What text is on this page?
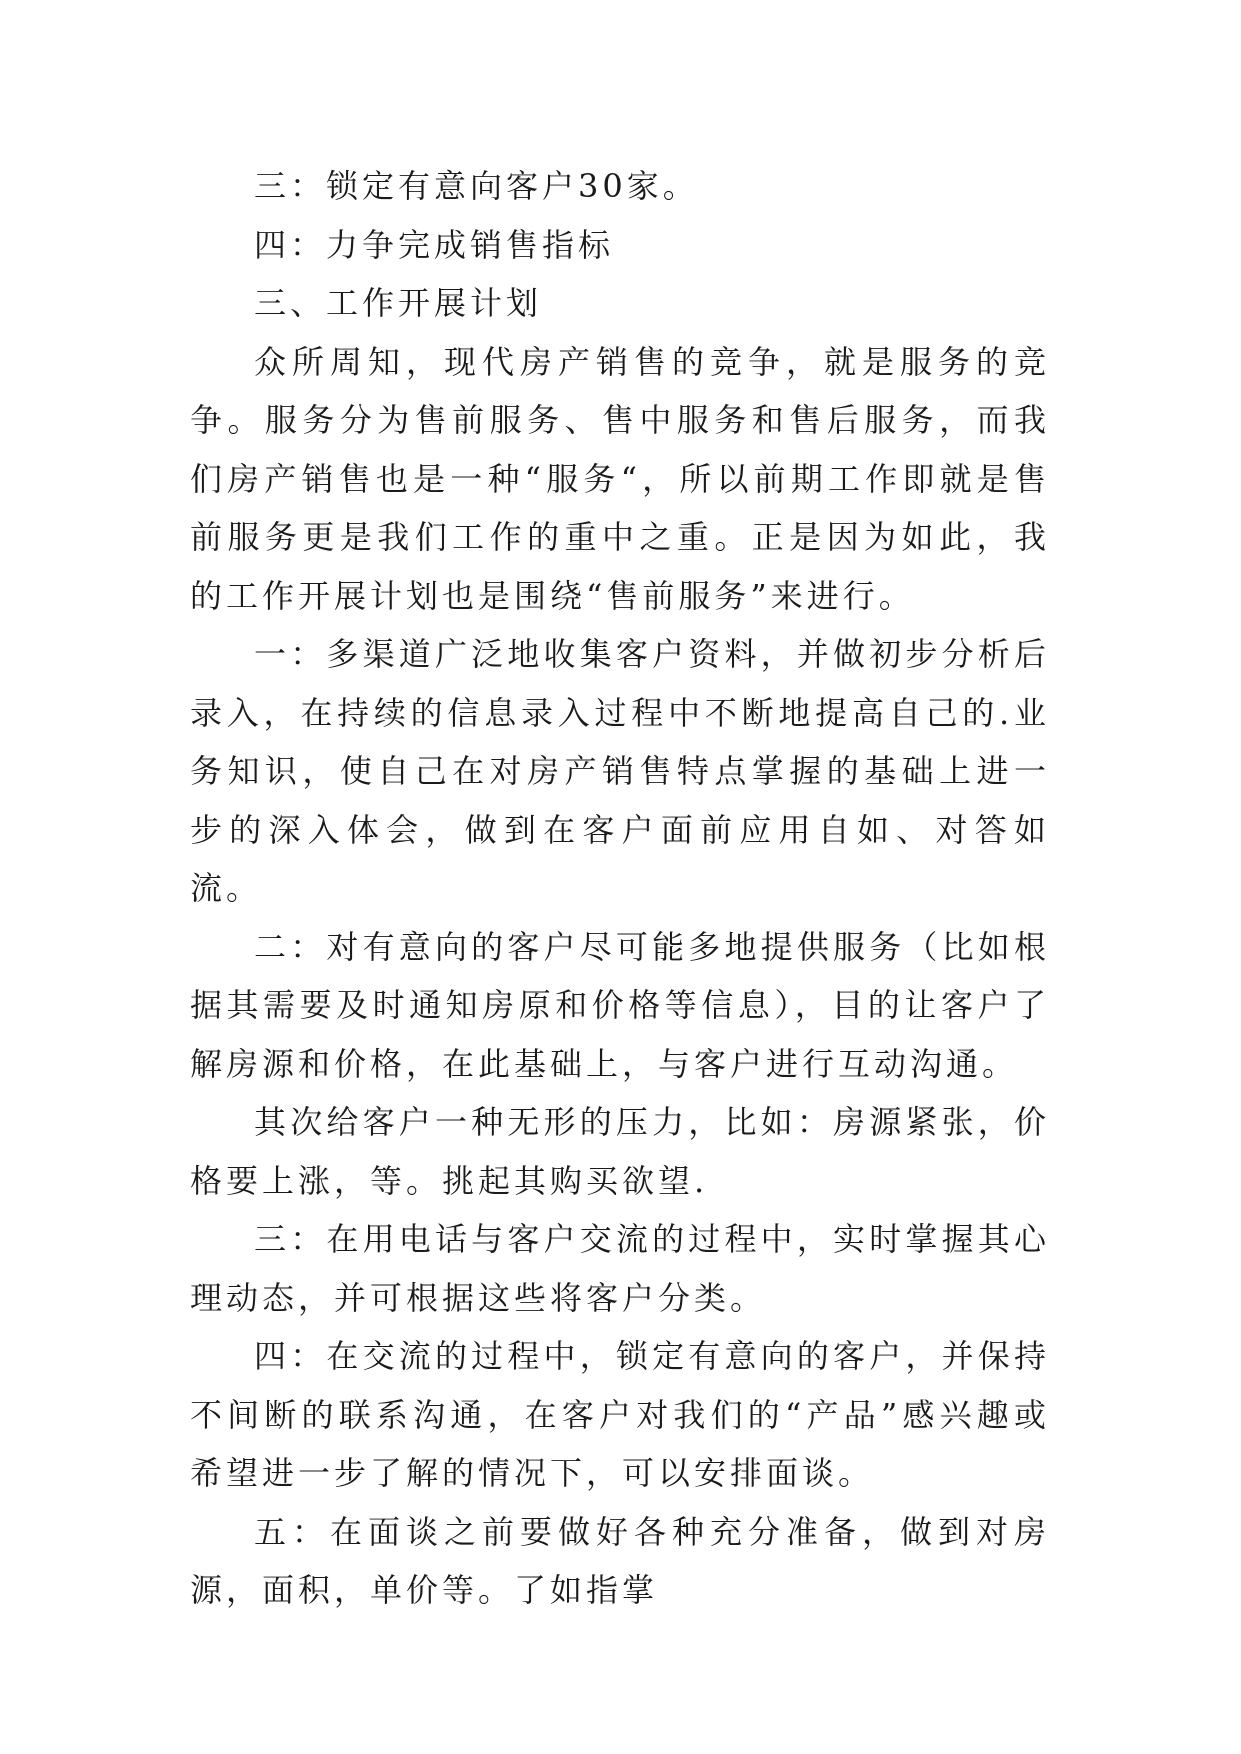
三：锁定有意向客户30家。

四：力争完成销售指标

三、工作开展计划

众所周知，现代房产销售的竞争，就是服务的竞争。服务分为售前服务、售中服务和售后服务，而我们房产销售也是一种“服务“，所以前期工作即就是售前服务更是我们工作的重中之重。正是因为如此，我的工作开展计划也是围绕“售前服务”来进行。

一：多渠道广泛地收集客户资料，并做初步分析后录入，在持续的信息录入过程中不断地提高自己的.业务知识，使自己在对房产销售特点掌握的基础上进一步的深入体会，做到在客户面前应用自如、对答如流。

二：对有意向的客户尽可能多地提供服务（比如根据其需要及时通知房原和价格等信息），目的让客户了解房源和价格，在此基础上，与客户进行互动沟通。

其次给客户一种无形的压力，比如：房源紧张，价格要上涨，等。挑起其购买欲望.

三：在用电话与客户交流的过程中，实时掌握其心理动态，并可根据这些将客户分类。

四：在交流的过程中，锁定有意向的客户，并保持不间断的联系沟通，在客户对我们的“产品”感兴趣或希望进一步了解的情况下，可以安排面谈。

五：在面谈之前要做好各种充分准备，做到对房源，面积，单价等。了如指掌
